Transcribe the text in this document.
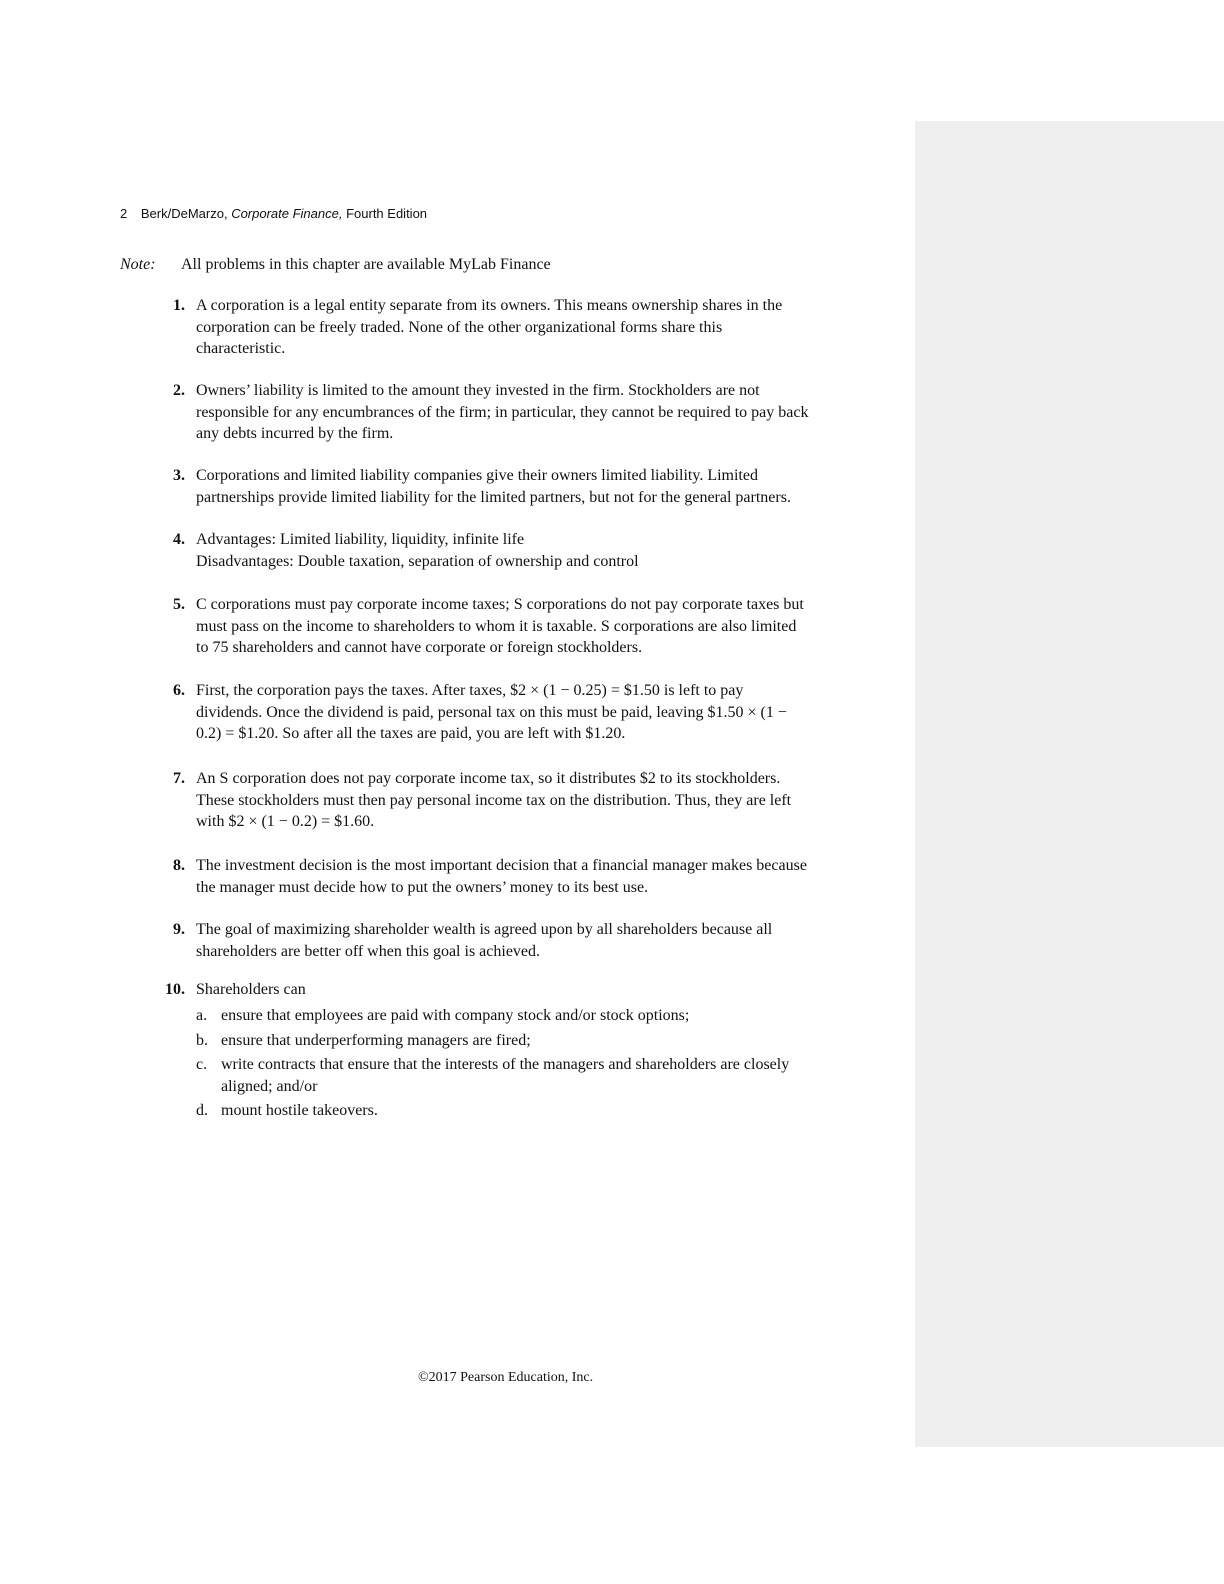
2 Berk/DeMarzo, Corporate Finance, Fourth Edition
Note: All problems in this chapter are available MyLab Finance
1. A corporation is a legal entity separate from its owners. This means ownership shares in the
corporation can be freely traded. None of the other organizational forms share this
characteristic.
2. Owners’ liability is limited to the amount they invested in the firm. Stockholders are not
responsible for any encumbrances of the firm; in particular, they cannot be required to pay back
any debts incurred by the firm.
3. Corporations and limited liability companies give their owners limited liability. Limited
partnerships provide limited liability for the limited partners, but not for the general partners.
4. Advantages: Limited liability, liquidity, infinite life
Disadvantages: Double taxation, separation of ownership and control
5. C corporations must pay corporate income taxes; S corporations do not pay corporate taxes but
must pass on the income to shareholders to whom it is taxable. S corporations are also limited
to 75 shareholders and cannot have corporate or foreign stockholders.
6. First, the corporation pays the taxes. After taxes, $2 × (1 − 0.25) = $1.50 is left to pay
dividends. Once the dividend is paid, personal tax on this must be paid, leaving $1.50 × (1 −
0.2) = $1.20. So after all the taxes are paid, you are left with $1.20.
7. An S corporation does not pay corporate income tax, so it distributes $2 to its stockholders.
These stockholders must then pay personal income tax on the distribution. Thus, they are left
with $2 × (1 − 0.2) = $1.60.
8. The investment decision is the most important decision that a financial manager makes because
the manager must decide how to put the owners’ money to its best use.
9. The goal of maximizing shareholder wealth is agreed upon by all shareholders because all
shareholders are better off when this goal is achieved.
10. Shareholders can
a. ensure that employees are paid with company stock and/or stock options;
b. ensure that underperforming managers are fired;
c. write contracts that ensure that the interests of the managers and shareholders are closely
aligned; and/or
d. mount hostile takeovers.
©2017 Pearson Education, Inc.
